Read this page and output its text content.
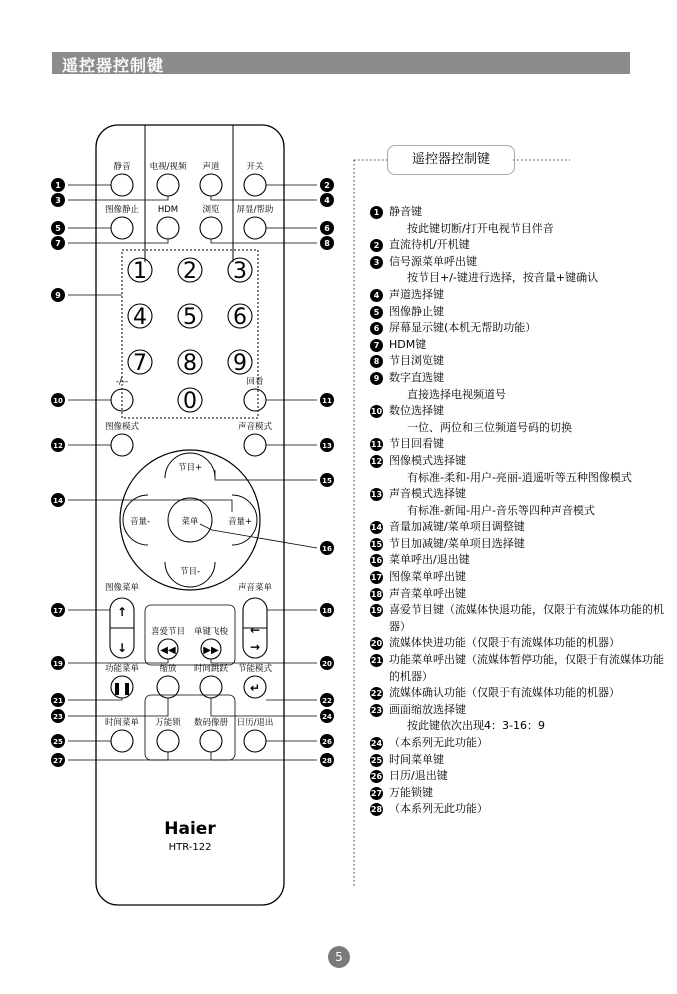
遥控器控制键
静音 电视/视频	开关
声道
图像静止 HDM	浏览 屏显/帮助
1 2 3
4 5 6
7 8 9
0
-/--	回看
图像模式	声音模式
喜爱节目 单键飞梭
功能菜单 缩放 时间跳跃 节能模式
时间菜单 万能锁 数码像册 日历/退出
图像菜单	声音菜单
节目+
节目-
音量-	音量+
菜单
↑
↓
←
→
◀◀	▶▶
❚❚	↵
1	2
3	4
5	6
7	8
9
10	11
12	13
14
15
16
17	18
19	20
21	22
23	24
25	26
27	28
Haier
HTR-122
遥控器控制键
1 静音键
按此键切断/打开电视节目伴音
2 直流待机/开机键
3 信号源菜单呼出键
按节目+/-键进行选择，按音量+键确认
4 声道选择键
5 图像静止键
6 屏幕显示键(本机无帮助功能）
7 HDM键
8 节目浏览键
9 数字直选键
直接选择电视频道号
10 数位选择键
一位、两位和三位频道号码的切换
11 节目回看键
12 图像模式选择键
有标准-柔和-用户-亮丽-逍遥听等五种图像模式
13 声音模式选择键
有标准-新闻-用户-音乐等四种声音模式
14 音量加减键/菜单项目调整键
15 节目加减键/菜单项目选择键
16 菜单呼出/退出键
17 图像菜单呼出键
18 声音菜单呼出键
19 喜爱节目键（流媒体快退功能，仅限于有流媒体功能的机器）
20 流媒体快进功能（仅限于有流媒体功能的机器）
21 功能菜单呼出键（流媒体暂停功能，仅限于有流媒体功能的机器）
22 流媒体确认功能（仅限于有流媒体功能的机器）
23 画面缩放选择键
按此键依次出现4：3-16：9
24 （本系列无此功能）
25 时间菜单键
26 日历/退出键
27 万能锁键
28 （本系列无此功能）
5
